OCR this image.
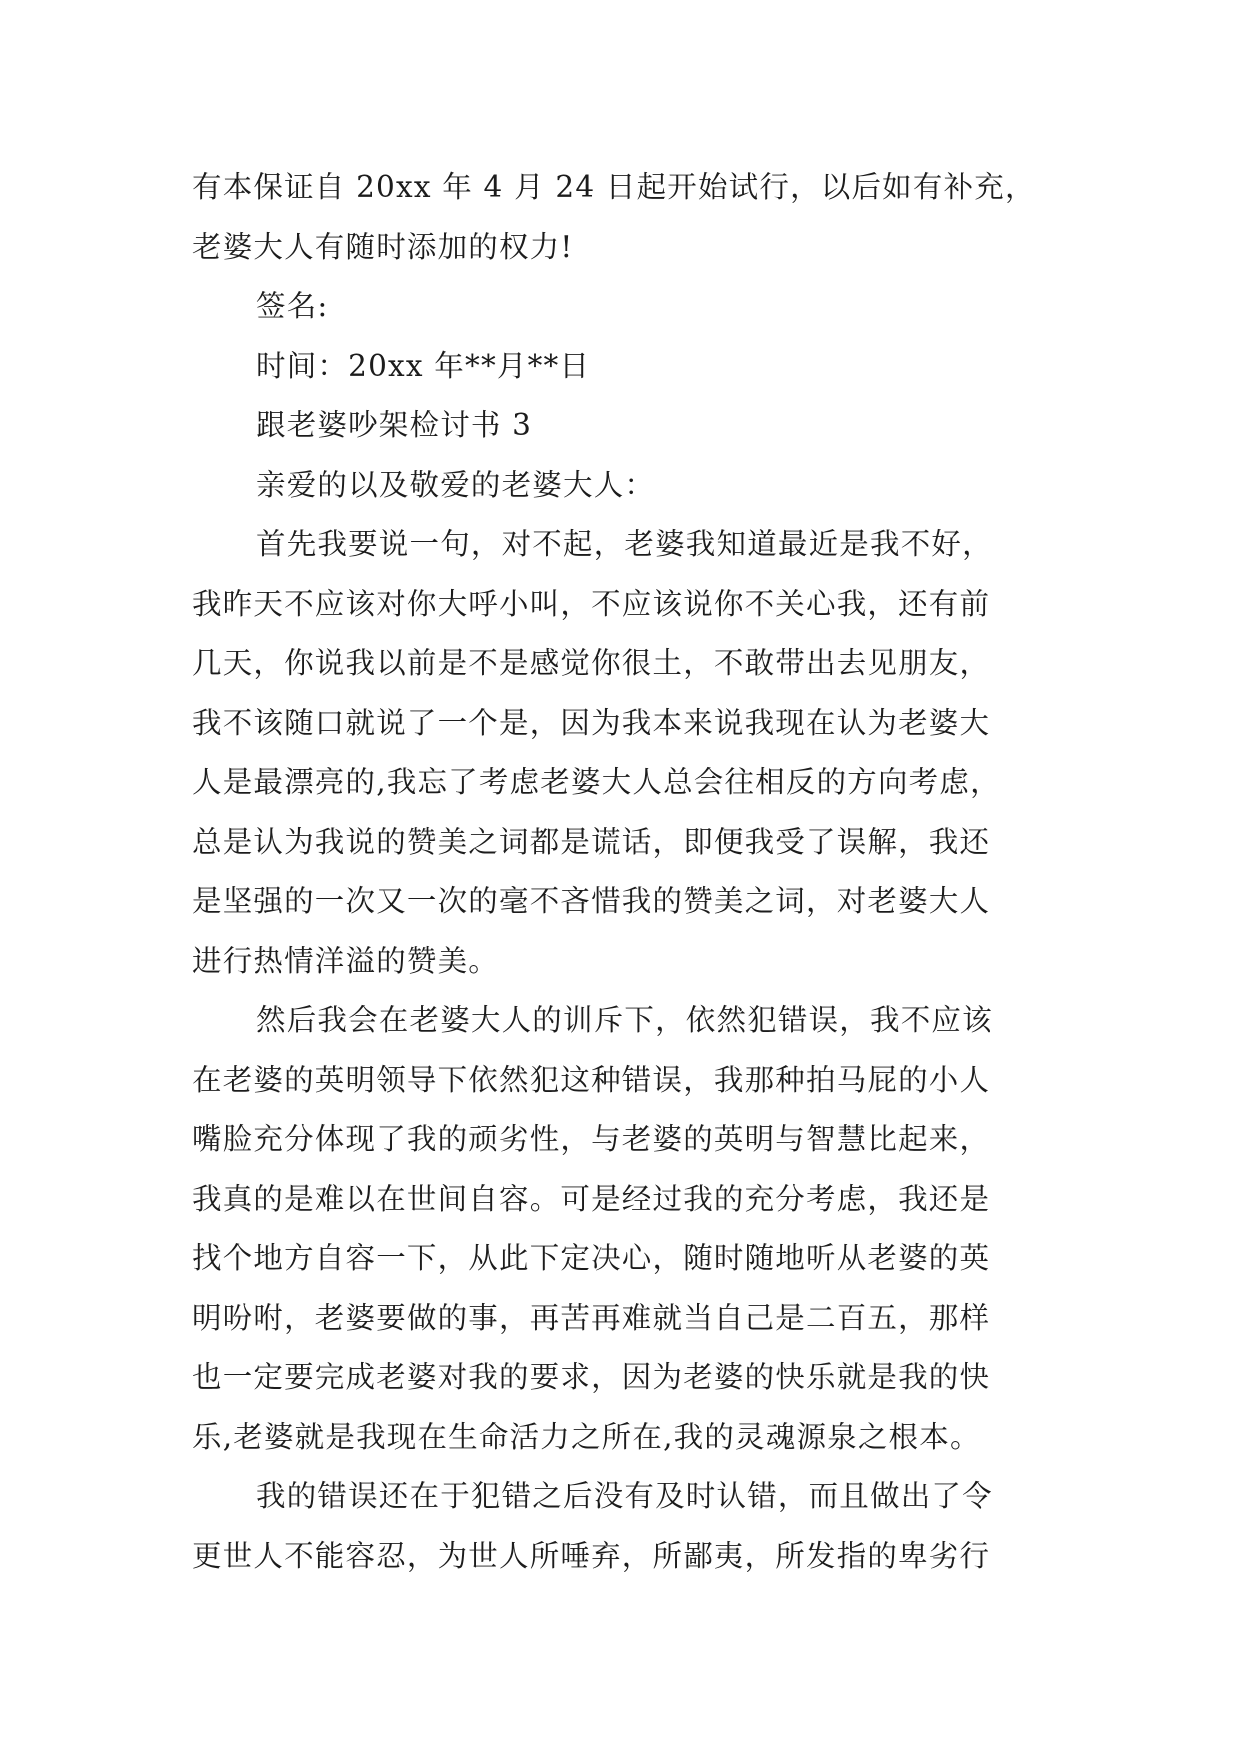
有本保证自 20xx 年 4 月 24 日起开始试行，以后如有补充，
老婆大人有随时添加的权力!
签名:
时间：20xx 年**月**日
跟老婆吵架检讨书 3
亲爱的以及敬爱的老婆大人：
首先我要说一句，对不起，老婆我知道最近是我不好，
我昨天不应该对你大呼小叫，不应该说你不关心我，还有前
几天，你说我以前是不是感觉你很土，不敢带出去见朋友，
我不该随口就说了一个是，因为我本来说我现在认为老婆大
人是最漂亮的,我忘了考虑老婆大人总会往相反的方向考虑，
总是认为我说的赞美之词都是谎话，即便我受了误解，我还
是坚强的一次又一次的毫不吝惜我的赞美之词，对老婆大人
进行热情洋溢的赞美。
然后我会在老婆大人的训斥下，依然犯错误，我不应该
在老婆的英明领导下依然犯这种错误，我那种拍马屁的小人
嘴脸充分体现了我的顽劣性，与老婆的英明与智慧比起来，
我真的是难以在世间自容。可是经过我的充分考虑，我还是
找个地方自容一下，从此下定决心，随时随地听从老婆的英
明吩咐，老婆要做的事，再苦再难就当自己是二百五，那样
也一定要完成老婆对我的要求，因为老婆的快乐就是我的快
乐,老婆就是我现在生命活力之所在,我的灵魂源泉之根本。
我的错误还在于犯错之后没有及时认错，而且做出了令
更世人不能容忍，为世人所唾弃，所鄙夷，所发指的卑劣行
